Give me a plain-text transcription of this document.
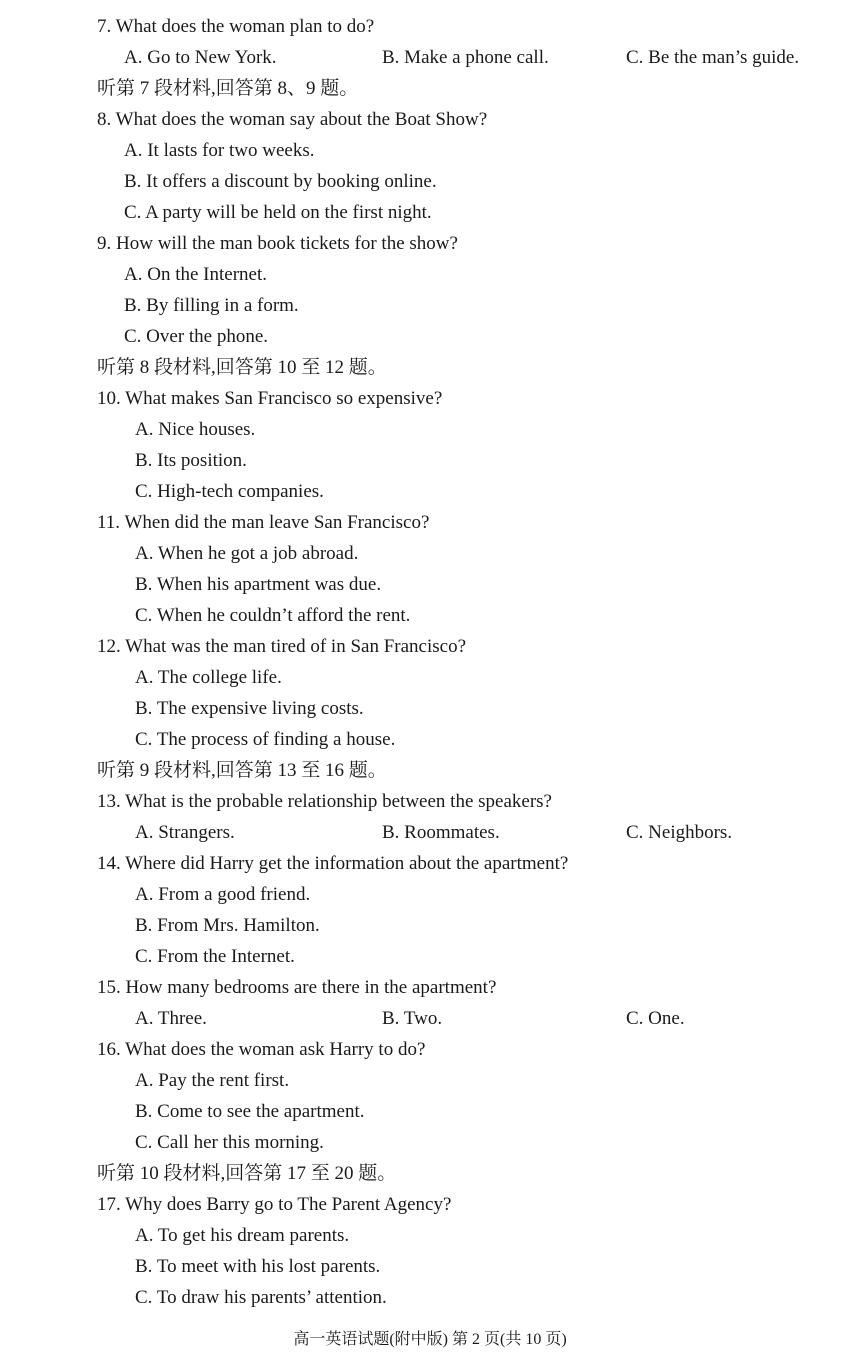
7. What does the woman plan to do?
A. Go to New York.	B. Make a phone call.	C. Be the man’s guide.
听第 7 段材料,回答第 8、9 题。
8. What does the woman say about the Boat Show?
A. It lasts for two weeks.
B. It offers a discount by booking online.
C. A party will be held on the first night.
9. How will the man book tickets for the show?
A. On the Internet.
B. By filling in a form.
C. Over the phone.
听第 8 段材料,回答第 10 至 12 题。
10. What makes San Francisco so expensive?
A. Nice houses.
B. Its position.
C. High-tech companies.
11. When did the man leave San Francisco?
A. When he got a job abroad.
B. When his apartment was due.
C. When he couldn’t afford the rent.
12. What was the man tired of in San Francisco?
A. The college life.
B. The expensive living costs.
C. The process of finding a house.
听第 9 段材料,回答第 13 至 16 题。
13. What is the probable relationship between the speakers?
A. Strangers.	B. Roommates.	C. Neighbors.
14. Where did Harry get the information about the apartment?
A. From a good friend.
B. From Mrs. Hamilton.
C. From the Internet.
15. How many bedrooms are there in the apartment?
A. Three.	B. Two.	C. One.
16. What does the woman ask Harry to do?
A. Pay the rent first.
B. Come to see the apartment.
C. Call her this morning.
听第 10 段材料,回答第 17 至 20 题。
17. Why does Barry go to The Parent Agency?
A. To get his dream parents.
B. To meet with his lost parents.
C. To draw his parents’ attention.
高一英语试题(附中版) 第 2 页(共 10 页)
